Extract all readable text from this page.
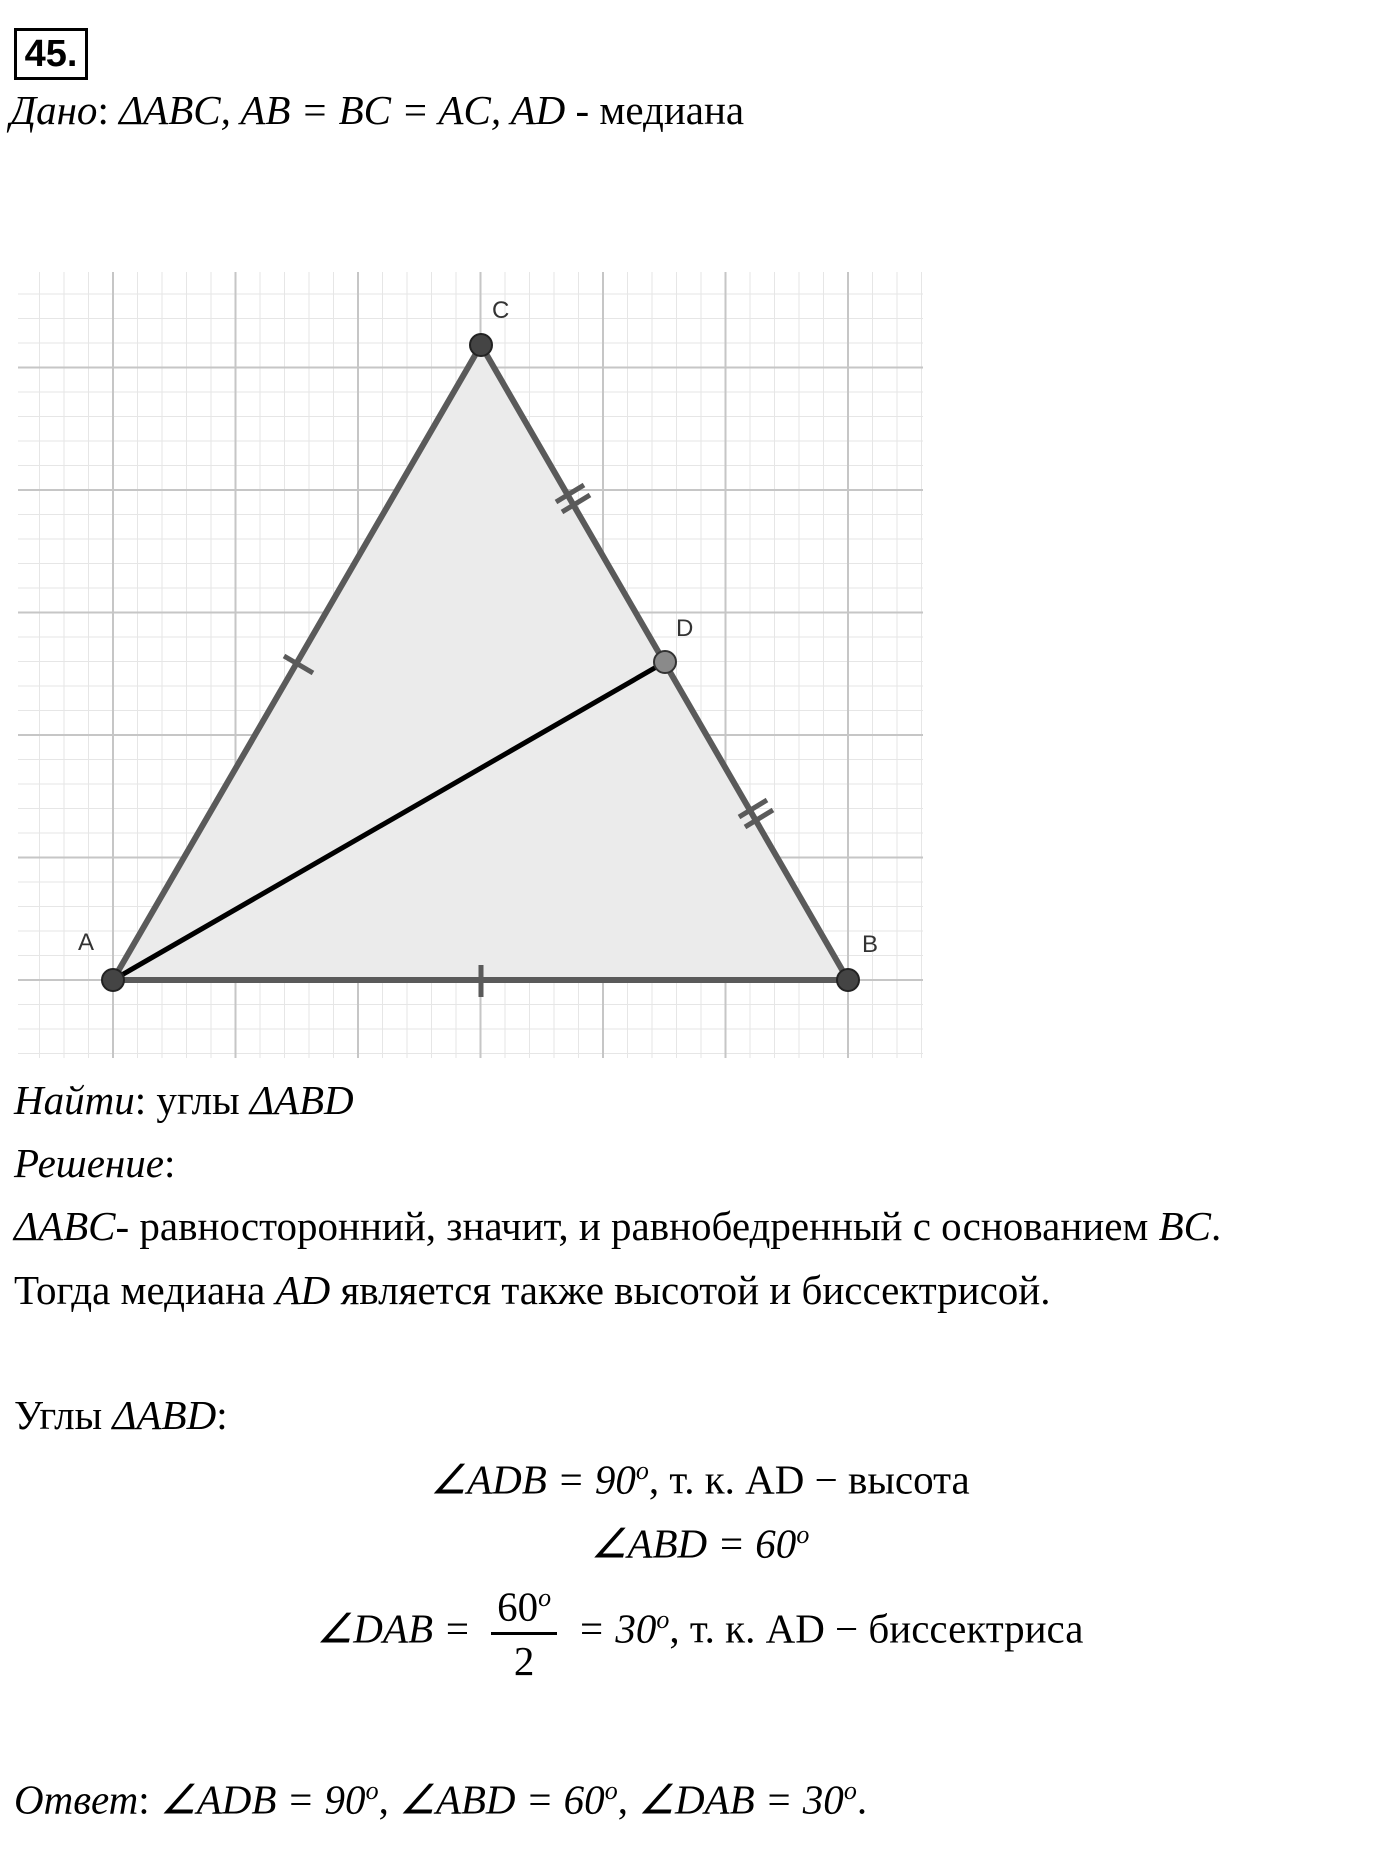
45.
Дано: ΔABC, AB = BC = AC, AD - медиана
A	B
C
D
Найти: углы ΔABD
Решение:
ΔABC- равносторонний, значит, и равнобедренный с основанием BC.
Тогда медиана AD является также высотой и биссектрисой.
Углы ΔABD:
∠ADB = $90^o$, т. к. AD − высота
∠ABD = $60^o$
∠DAB = $\frac{60^o}{2} = 30^o$, т. к. AD − биссектриса
Ответ: ∠ADB = $90^o$, ∠ABD = $60^o$, ∠DAB = $30^o$.
